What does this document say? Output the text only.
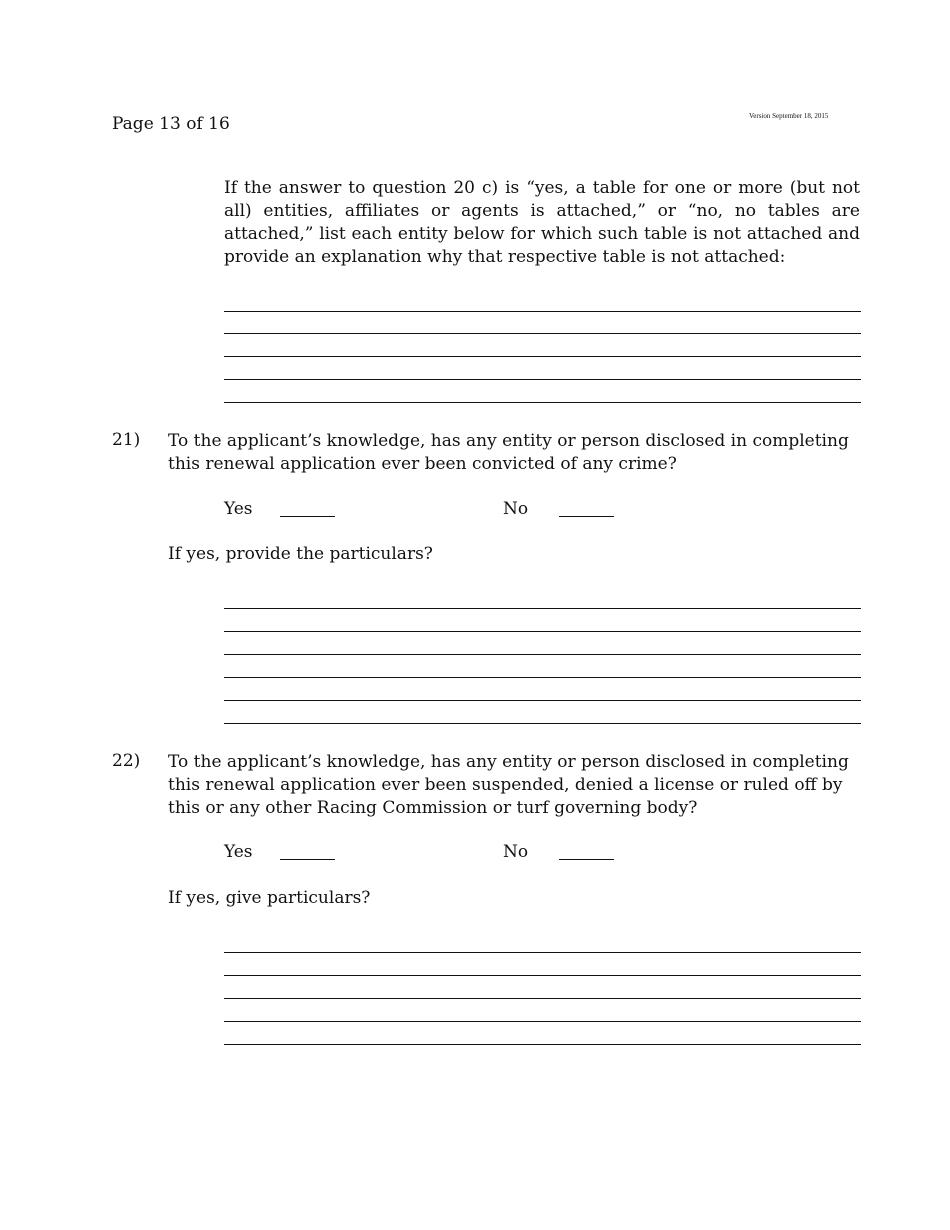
Page 13 of 16	Version September 18, 2015
If the answer to question 20 c) is “yes, a table for one or more (but not all) entities, affiliates or agents is attached,” or “no, no tables are attached,” list each entity below for which such table is not attached and provide an explanation why that respective table is not attached:
21) To the applicant’s knowledge, has any entity or person disclosed in completing this renewal application ever been convicted of any crime?
Yes	No
If yes, provide the particulars?
22) To the applicant’s knowledge, has any entity or person disclosed in completing this renewal application ever been suspended, denied a license or ruled off by this or any other Racing Commission or turf governing body?
Yes	No
If yes, give particulars?
